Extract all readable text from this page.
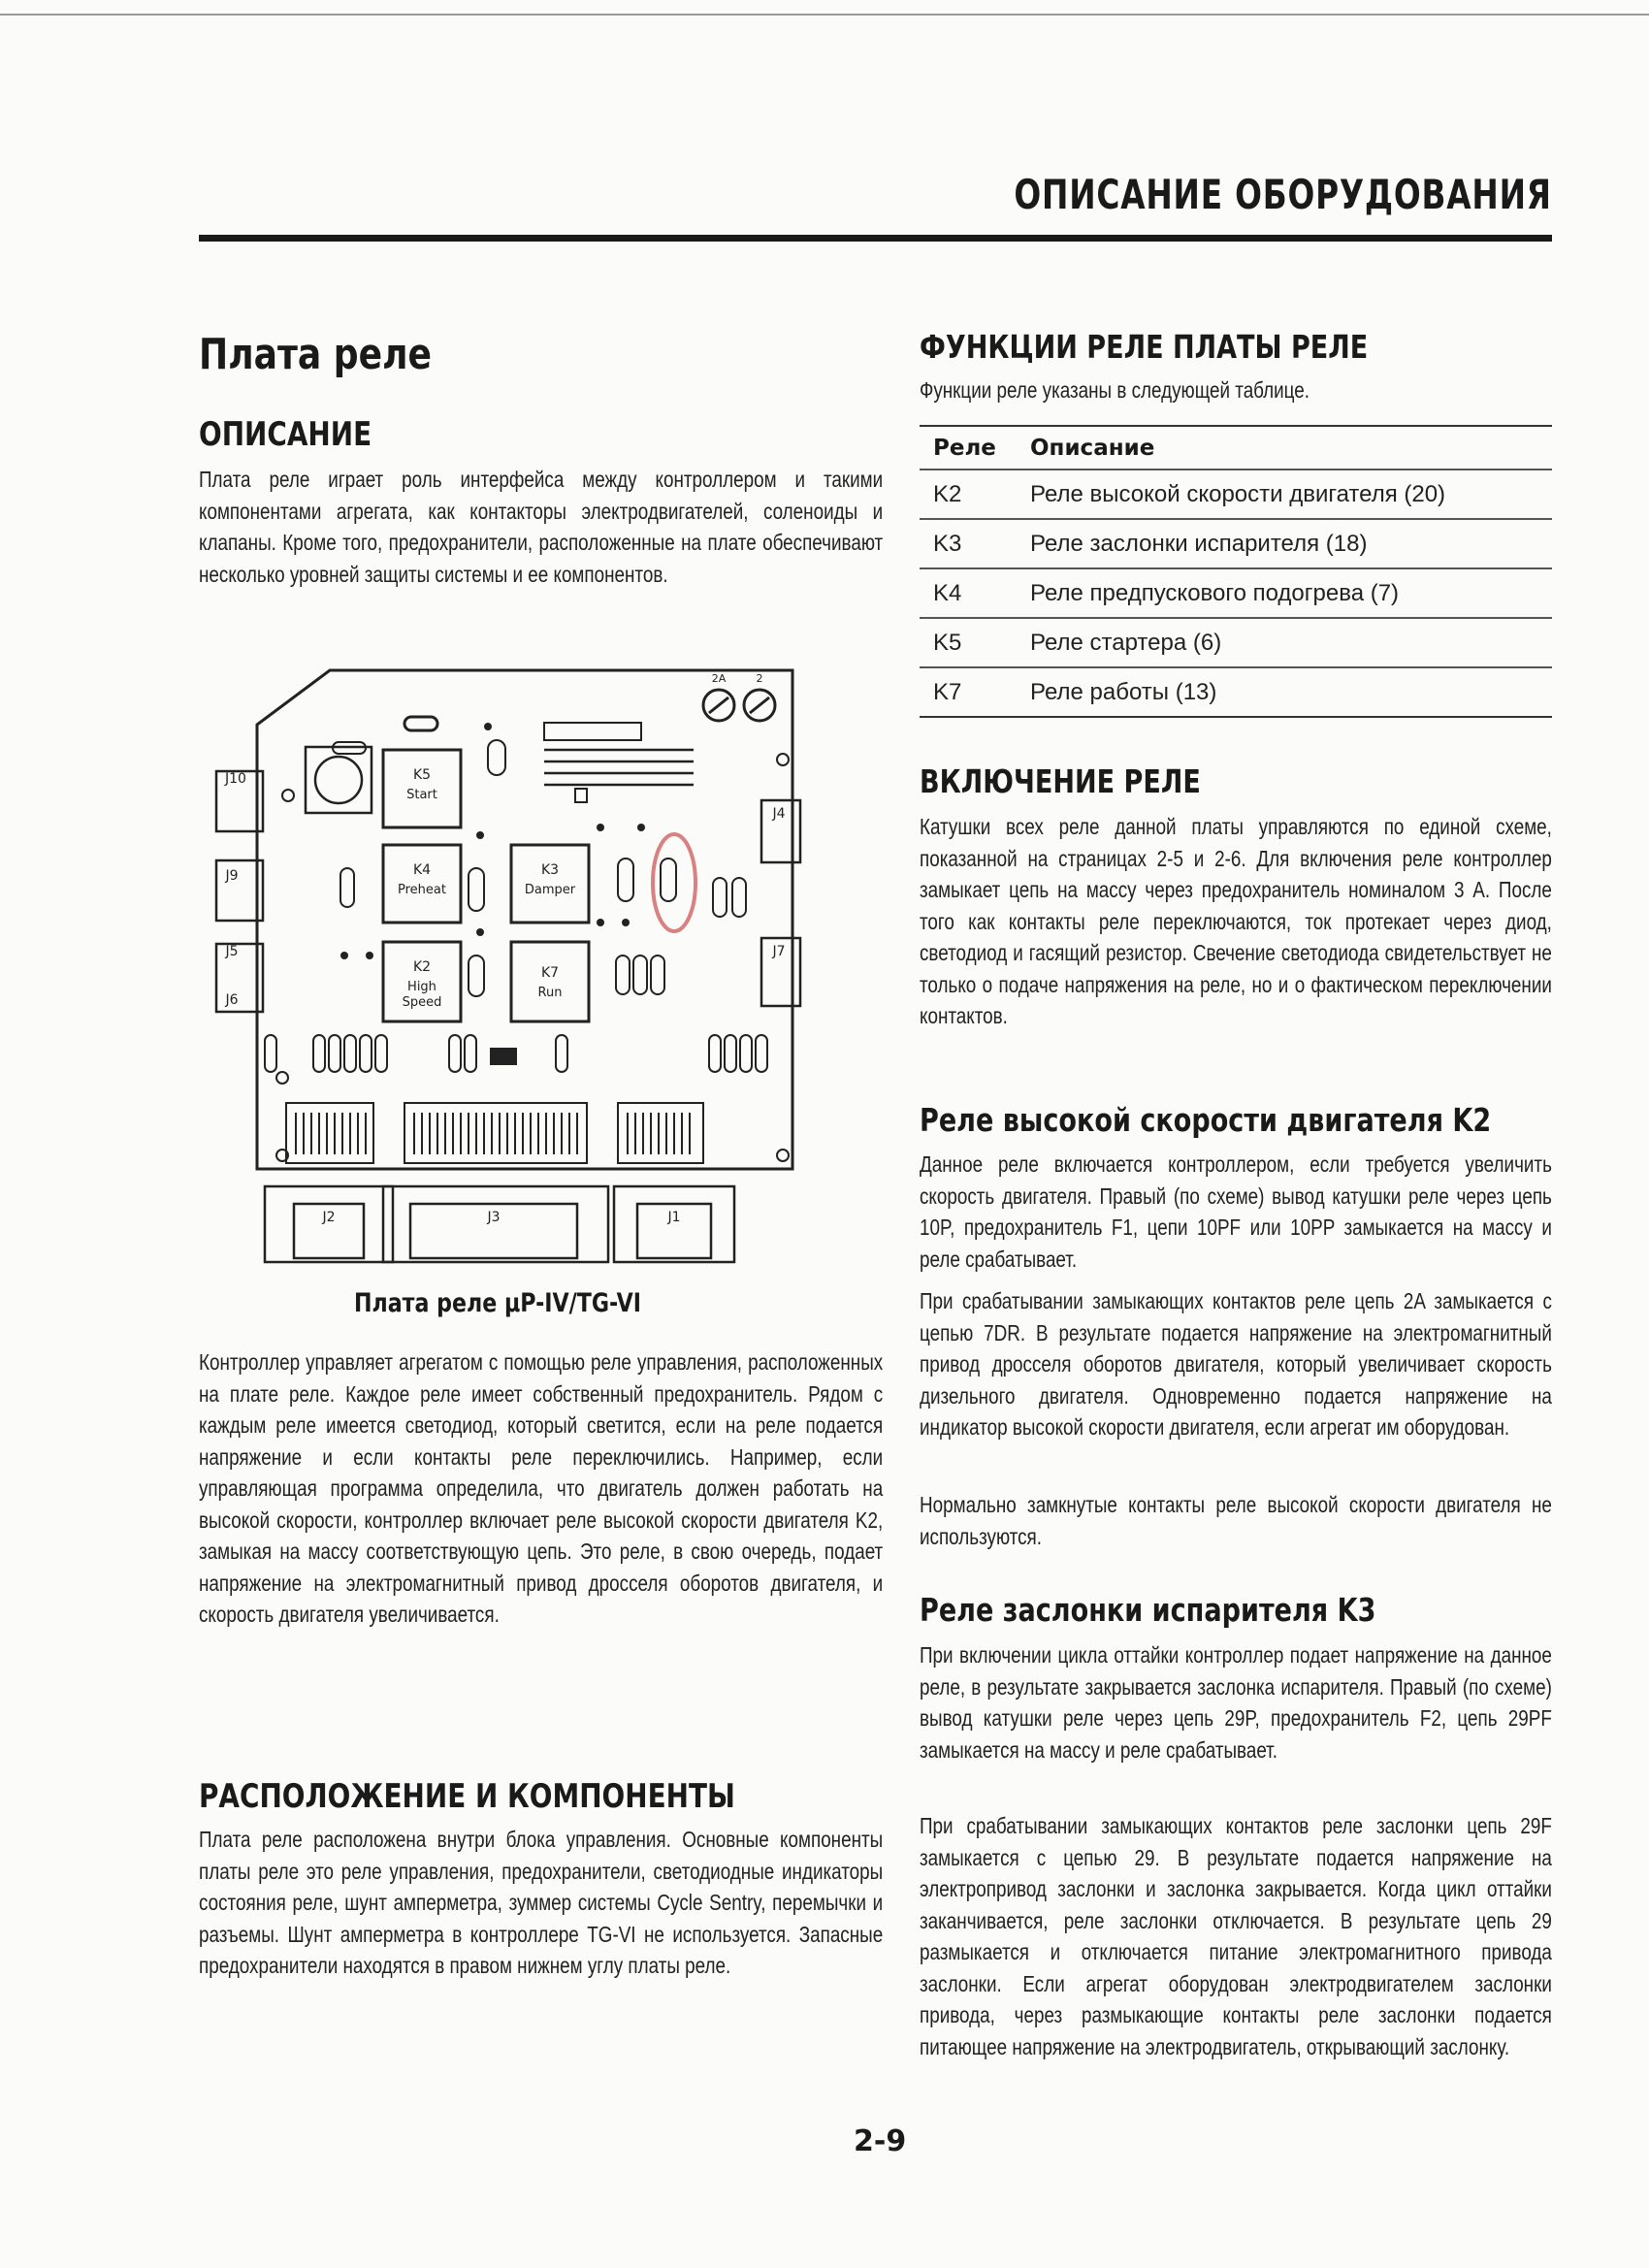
ОПИСАНИЕ ОБОРУДОВАНИЯ
Плата реле
ОПИСАНИЕ
Плата реле играет роль интерфейса между контроллером и такими компонентами агрегата, как контакторы электродвигателей, соленоиды и клапаны. Кроме того, предохранители, расположенные на плате обеспечивают несколько уровней защиты системы и ее компонентов.
K5
Start
K4
Preheat
K3
Damper
K2
High Speed
K7
Run
J10
J9
J5
J6
J4
J7
J2	J3	J1
2A	2
Плата реле µP-IV/TG-VI
Контроллер управляет агрегатом с помощью реле управления, расположенных на плате реле. Каждое реле имеет собственный предохранитель. Рядом с каждым реле имеется светодиод, который светится, если на реле подается напряжение и если контакты реле переключились. Например, если управляющая программа определила, что двигатель должен работать на высокой скорости, контроллер включает реле высокой скорости двигателя K2, замыкая на массу соответствующую цепь. Это реле, в свою очередь, подает напряжение на электромагнитный привод дросселя оборотов двигателя, и скорость двигателя увеличивается.
РАСПОЛОЖЕНИЕ И КОМПОНЕНТЫ
Плата реле расположена внутри блока управления. Основные компоненты платы реле это реле управления, предохранители, светодиодные индикаторы состояния реле, шунт амперметра, зуммер системы Cycle Sentry, перемычки и разъемы. Шунт амперметра в контроллере TG-VI не используется. Запасные предохранители находятся в правом нижнем углу платы реле.
ФУНКЦИИ РЕЛЕ ПЛАТЫ РЕЛЕ
Функции реле указаны в следующей таблице.
Реле	Описание
K2	Реле высокой скорости двигателя (20)
K3	Реле заслонки испарителя (18)
K4	Реле предпускового подогрева (7)
K5	Реле стартера (6)
K7	Реле работы (13)
ВКЛЮЧЕНИЕ РЕЛЕ
Катушки всех реле данной платы управляются по единой схеме, показанной на страницах 2-5 и 2-6. Для включения реле контроллер замыкает цепь на массу через предохранитель номиналом 3 А. После того как контакты реле переключаются, ток протекает через диод, светодиод и гасящий резистор. Свечение светодиода свидетельствует не только о подаче напряжения на реле, но и о фактическом переключении контактов.
Реле высокой скорости двигателя K2
Данное реле включается контроллером, если требуется увеличить скорость двигателя. Правый (по схеме) вывод катушки реле через цепь 10P, предохранитель F1, цепи 10PF или 10PP замыкается на массу и реле срабатывает.
При срабатывании замыкающих контактов реле цепь 2A замыкается с цепью 7DR. В результате подается напряжение на электромагнитный привод дросселя оборотов двигателя, который увеличивает скорость дизельного двигателя. Одновременно подается напряжение на индикатор высокой скорости двигателя, если агрегат им оборудован.
Нормально замкнутые контакты реле высокой скорости двигателя не используются.
Реле заслонки испарителя K3
При включении цикла оттайки контроллер подает напряжение на данное реле, в результате закрывается заслонка испарителя. Правый (по схеме) вывод катушки реле через цепь 29P, предохранитель F2, цепь 29PF замыкается на массу и реле срабатывает.
При срабатывании замыкающих контактов реле заслонки цепь 29F замыкается с цепью 29. В результате подается напряжение на электропривод заслонки и заслонка закрывается. Когда цикл оттайки заканчивается, реле заслонки отключается. В результате цепь 29 размыкается и отключается питание электромагнитного привода заслонки. Если агрегат оборудован электродвигателем заслонки привода, через размыкающие контакты реле заслонки подается питающее напряжение на электродвигатель, открывающий заслонку.
2-9
